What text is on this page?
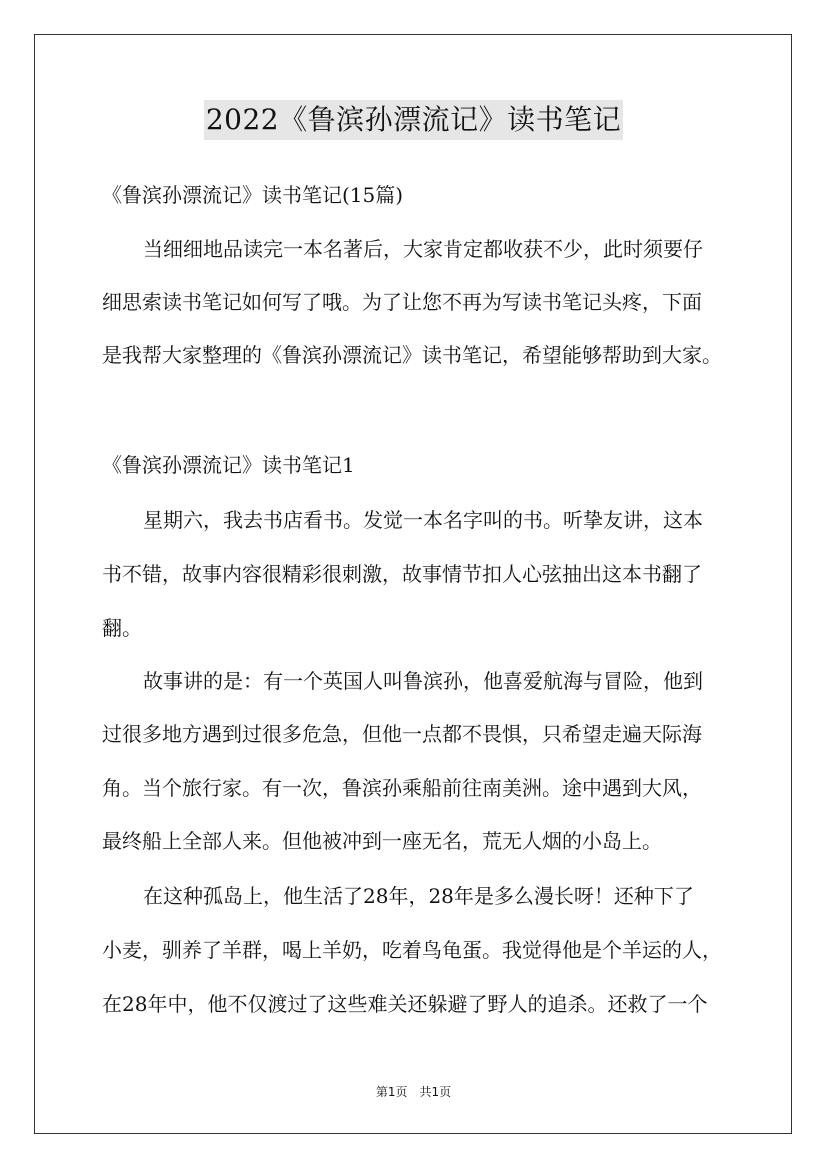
2022《鲁滨孙漂流记》读书笔记
《鲁滨孙漂流记》读书笔记(15篇)
当细细地品读完一本名著后，大家肯定都收获不少，此时须要仔
细思索读书笔记如何写了哦。为了让您不再为写读书笔记头疼，下面
是我帮大家整理的《鲁滨孙漂流记》读书笔记，希望能够帮助到大家。
《鲁滨孙漂流记》读书笔记1
星期六，我去书店看书。发觉一本名字叫的书。听挚友讲，这本
书不错，故事内容很精彩很刺激，故事情节扣人心弦抽出这本书翻了
翻。
故事讲的是：有一个英国人叫鲁滨孙，他喜爱航海与冒险，他到
过很多地方遇到过很多危急，但他一点都不畏惧，只希望走遍天际海
角。当个旅行家。有一次，鲁滨孙乘船前往南美洲。途中遇到大风，
最终船上全部人来。但他被冲到一座无名，荒无人烟的小岛上。
在这种孤岛上，他生活了28年，28年是多么漫长呀！还种下了
小麦，驯养了羊群，喝上羊奶，吃着鸟龟蛋。我觉得他是个羊运的人，
在28年中，他不仅渡过了这些难关还躲避了野人的追杀。还救了一个
第1页　共1页
